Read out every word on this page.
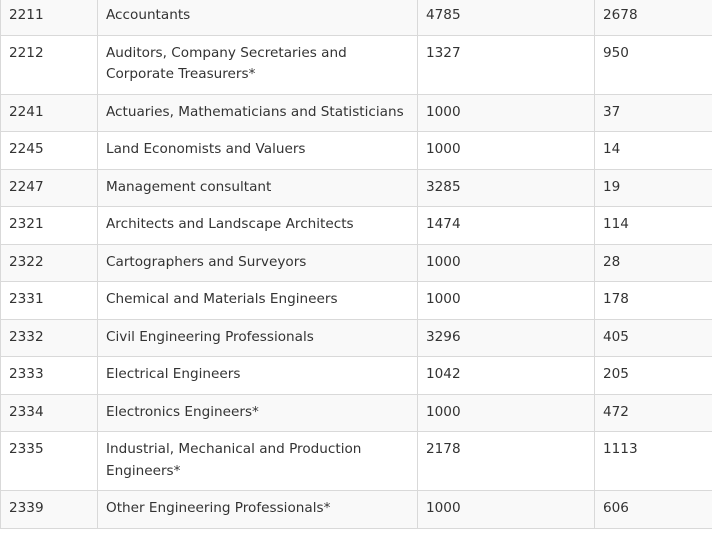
2211	Accountants	4785	2678
2212	Auditors, Company Secretaries and Corporate Treasurers*	1327	950
2241	Actuaries, Mathematicians and Statisticians	1000	37
2245	Land Economists and Valuers	1000	14
2247	Management consultant	3285	19
2321	Architects and Landscape Architects	1474	114
2322	Cartographers and Surveyors	1000	28
2331	Chemical and Materials Engineers	1000	178
2332	Civil Engineering Professionals	3296	405
2333	Electrical Engineers	1042	205
2334	Electronics Engineers*	1000	472
2335	Industrial, Mechanical and Production Engineers*	2178	1113
2339	Other Engineering Professionals*	1000	606
